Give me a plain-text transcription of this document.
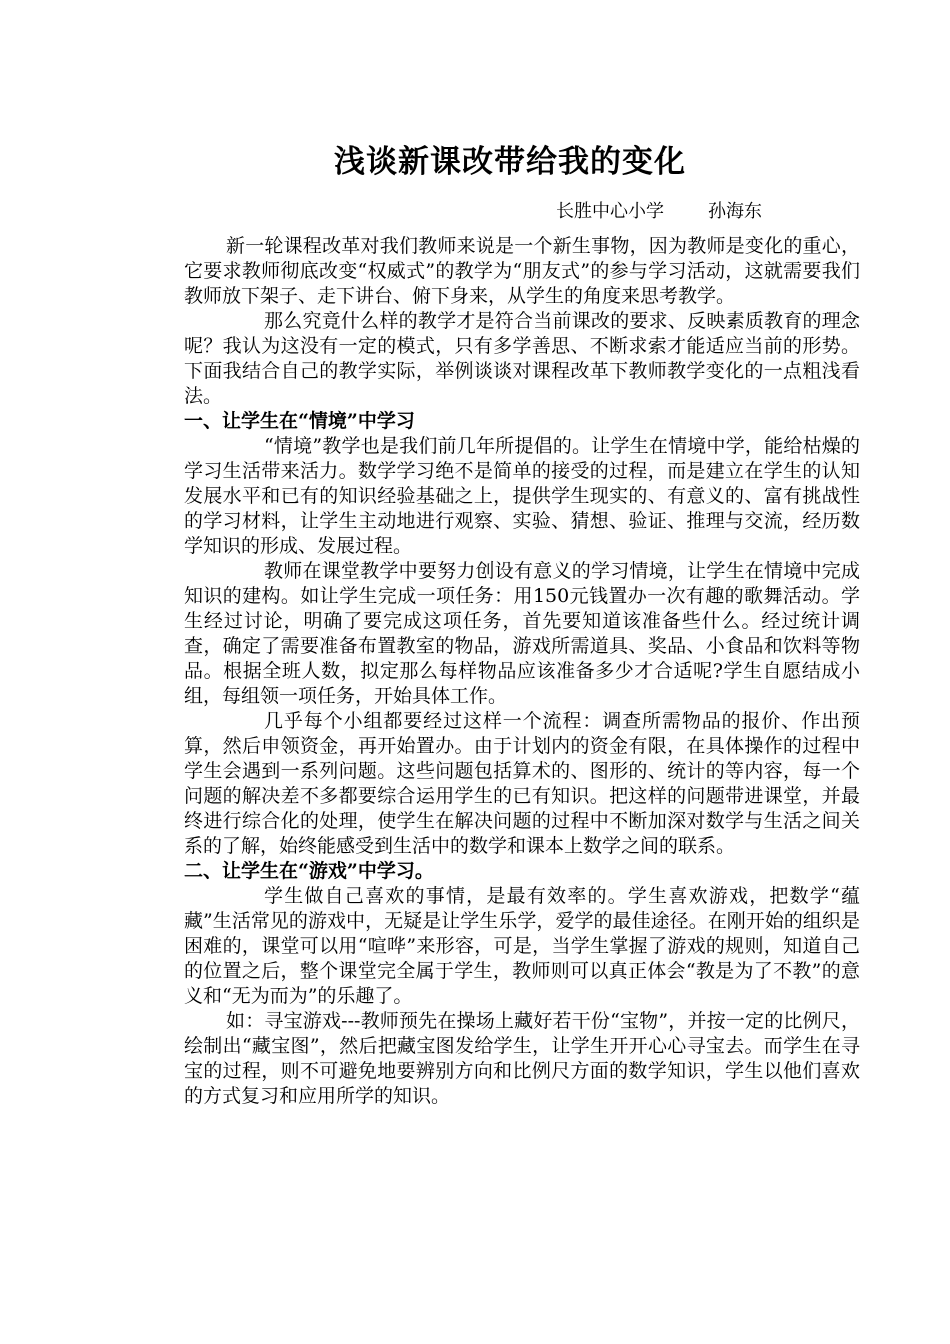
浅谈新课改带给我的变化
长胜中心小学 孙海东

新一轮课程改革对我们教师来说是一个新生事物，因为教师是变化的重心，它要求教师彻底改变“权威式”的教学为“朋友式”的参与学习活动，这就需要我们教师放下架子、走下讲台、俯下身来，从学生的角度来思考教学。

那么究竟什么样的教学才是符合当前课改的要求、反映素质教育的理念呢？我认为这没有一定的模式，只有多学善思、不断求索才能适应当前的形势。下面我结合自己的教学实际，举例谈谈对课程改革下教师教学变化的一点粗浅看法。

一、让学生在“情境”中学习

“情境”教学也是我们前几年所提倡的。让学生在情境中学，能给枯燥的学习生活带来活力。数学学习绝不是简单的接受的过程，而是建立在学生的认知发展水平和已有的知识经验基础之上，提供学生现实的、有意义的、富有挑战性的学习材料，让学生主动地进行观察、实验、猜想、验证、推理与交流，经历数学知识的形成、发展过程。

教师在课堂教学中要努力创设有意义的学习情境，让学生在情境中完成知识的建构。如让学生完成一项任务：用150元钱置办一次有趣的歌舞活动。学生经过讨论，明确了要完成这项任务，首先要知道该准备些什么。经过统计调查，确定了需要准备布置教室的物品，游戏所需道具、奖品、小食品和饮料等物品。根据全班人数，拟定那么每样物品应该准备多少才合适呢?学生自愿结成小组，每组领一项任务，开始具体工作。

几乎每个小组都要经过这样一个流程：调查所需物品的报价、作出预算，然后申领资金，再开始置办。由于计划内的资金有限，在具体操作的过程中学生会遇到一系列问题。这些问题包括算术的、图形的、统计的等内容，每一个问题的解决差不多都要综合运用学生的已有知识。把这样的问题带进课堂，并最终进行综合化的处理，使学生在解决问题的过程中不断加深对数学与生活之间关系的了解，始终能感受到生活中的数学和课本上数学之间的联系。

二、让学生在“游戏”中学习。

学生做自己喜欢的事情，是最有效率的。学生喜欢游戏，把数学“蕴藏”生活常见的游戏中，无疑是让学生乐学，爱学的最佳途径。在刚开始的组织是困难的，课堂可以用“喧哗”来形容，可是，当学生掌握了游戏的规则，知道自己的位置之后，整个课堂完全属于学生，教师则可以真正体会“教是为了不教”的意义和“无为而为”的乐趣了。

如：寻宝游戏---教师预先在操场上藏好若干份“宝物”，并按一定的比例尺，绘制出“藏宝图”，然后把藏宝图发给学生，让学生开开心心寻宝去。而学生在寻宝的过程，则不可避免地要辨别方向和比例尺方面的数学知识，学生以他们喜欢的方式复习和应用所学的知识。
